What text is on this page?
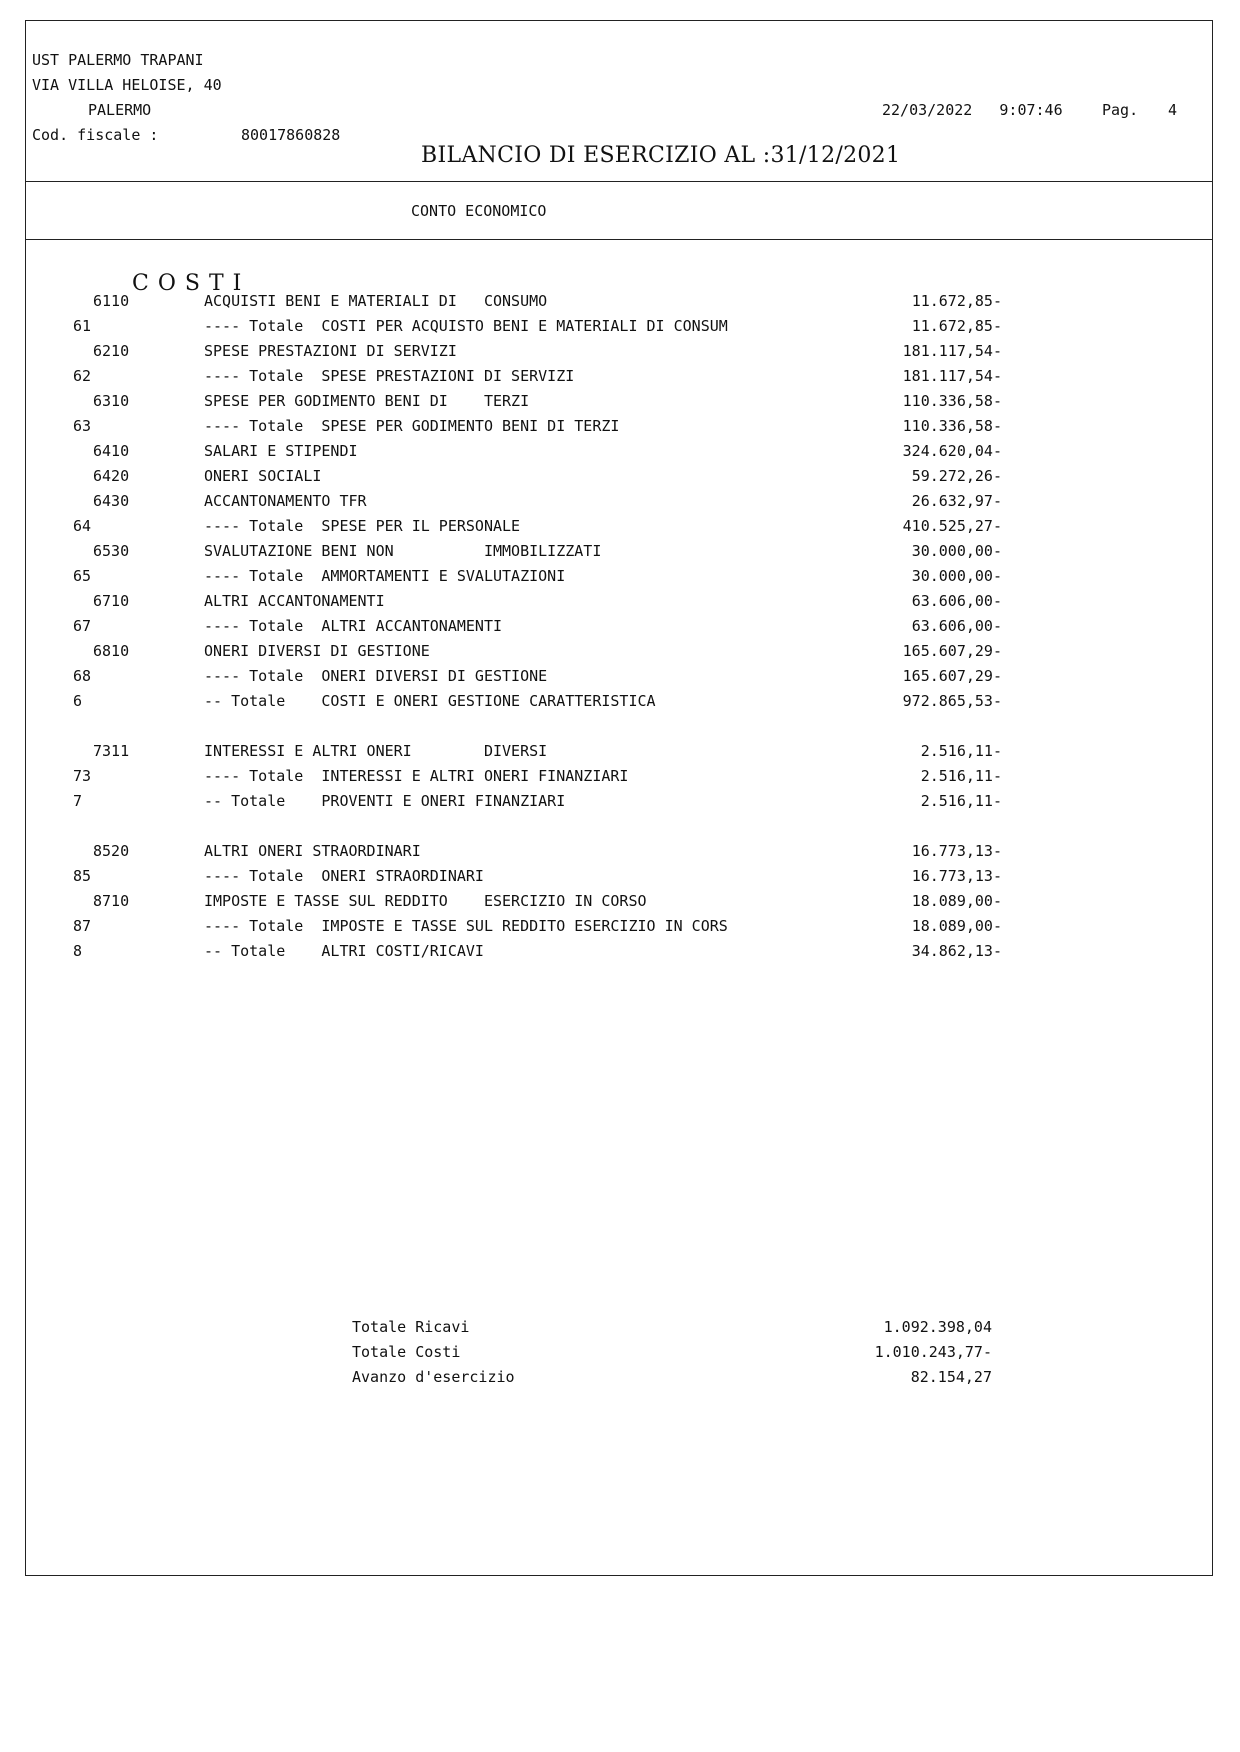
UST PALERMO TRAPANI
VIA VILLA HELOISE, 40
PALERMO
Cod. fiscale :	80017860828
22/03/2022   9:07:46	Pag. 4
BILANCIO DI ESERCIZIO AL :31/12/2021
CONTO ECONOMICO
COSTI
6110	ACQUISTI BENI E MATERIALI DI   CONSUMO	11.672,85-
61	---- Totale  COSTI PER ACQUISTO BENI E MATERIALI DI CONSUM	11.672,85-
6210	SPESE PRESTAZIONI DI SERVIZI	181.117,54-
62	---- Totale  SPESE PRESTAZIONI DI SERVIZI	181.117,54-
6310	SPESE PER GODIMENTO BENI DI    TERZI	110.336,58-
63	---- Totale  SPESE PER GODIMENTO BENI DI TERZI	110.336,58-
6410	SALARI E STIPENDI	324.620,04-
6420	ONERI SOCIALI	59.272,26-
6430	ACCANTONAMENTO TFR	26.632,97-
64	---- Totale  SPESE PER IL PERSONALE	410.525,27-
6530	SVALUTAZIONE BENI NON          IMMOBILIZZATI	30.000,00-
65	---- Totale  AMMORTAMENTI E SVALUTAZIONI	30.000,00-
6710	ALTRI ACCANTONAMENTI	63.606,00-
67	---- Totale  ALTRI ACCANTONAMENTI	63.606,00-
6810	ONERI DIVERSI DI GESTIONE	165.607,29-
68	---- Totale  ONERI DIVERSI DI GESTIONE	165.607,29-
6	-- Totale    COSTI E ONERI GESTIONE CARATTERISTICA	972.865,53-
7311	INTERESSI E ALTRI ONERI        DIVERSI	2.516,11-
73	---- Totale  INTERESSI E ALTRI ONERI FINANZIARI	2.516,11-
7	-- Totale    PROVENTI E ONERI FINANZIARI	2.516,11-
8520	ALTRI ONERI STRAORDINARI	16.773,13-
85	---- Totale  ONERI STRAORDINARI	16.773,13-
8710	IMPOSTE E TASSE SUL REDDITO    ESERCIZIO IN CORSO	18.089,00-
87	---- Totale  IMPOSTE E TASSE SUL REDDITO ESERCIZIO IN CORS	18.089,00-
8	-- Totale    ALTRI COSTI/RICAVI	34.862,13-
Totale Ricavi	1.092.398,04
Totale Costi	1.010.243,77-
Avanzo d'esercizio	82.154,27
